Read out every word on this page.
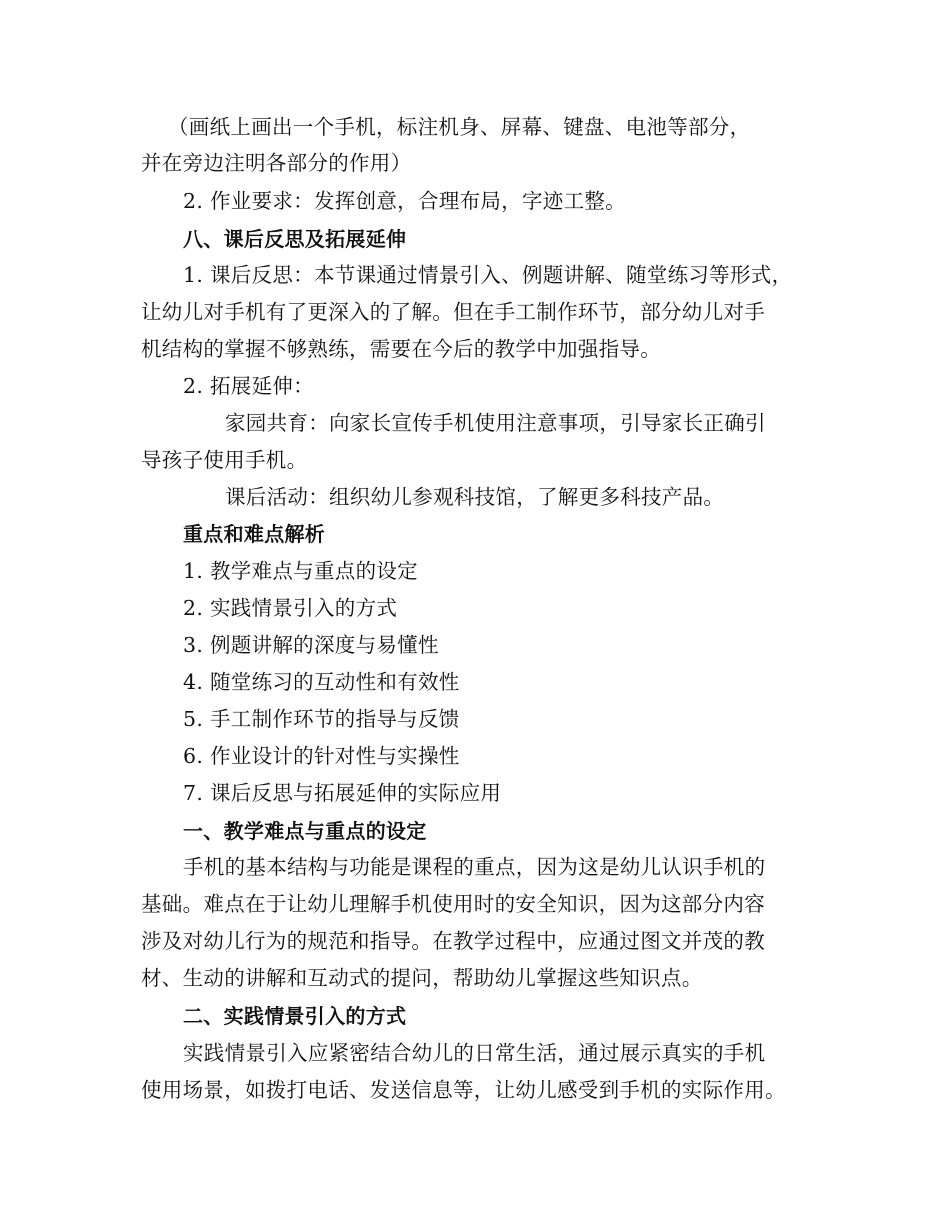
（画纸上画出一个手机，标注机身、屏幕、键盘、电池等部分，
并在旁边注明各部分的作用）
2. 作业要求：发挥创意，合理布局，字迹工整。
八、课后反思及拓展延伸
1. 课后反思：本节课通过情景引入、例题讲解、随堂练习等形式，
让幼儿对手机有了更深入的了解。但在手工制作环节，部分幼儿对手
机结构的掌握不够熟练，需要在今后的教学中加强指导。
2. 拓展延伸：
家园共育：向家长宣传手机使用注意事项，引导家长正确引
导孩子使用手机。
课后活动：组织幼儿参观科技馆，了解更多科技产品。
重点和难点解析
1. 教学难点与重点的设定
2. 实践情景引入的方式
3. 例题讲解的深度与易懂性
4. 随堂练习的互动性和有效性
5. 手工制作环节的指导与反馈
6. 作业设计的针对性与实操性
7. 课后反思与拓展延伸的实际应用
一、教学难点与重点的设定
手机的基本结构与功能是课程的重点，因为这是幼儿认识手机的
基础。难点在于让幼儿理解手机使用时的安全知识，因为这部分内容
涉及对幼儿行为的规范和指导。在教学过程中，应通过图文并茂的教
材、生动的讲解和互动式的提问，帮助幼儿掌握这些知识点。
二、实践情景引入的方式
实践情景引入应紧密结合幼儿的日常生活，通过展示真实的手机
使用场景，如拨打电话、发送信息等，让幼儿感受到手机的实际作用。
